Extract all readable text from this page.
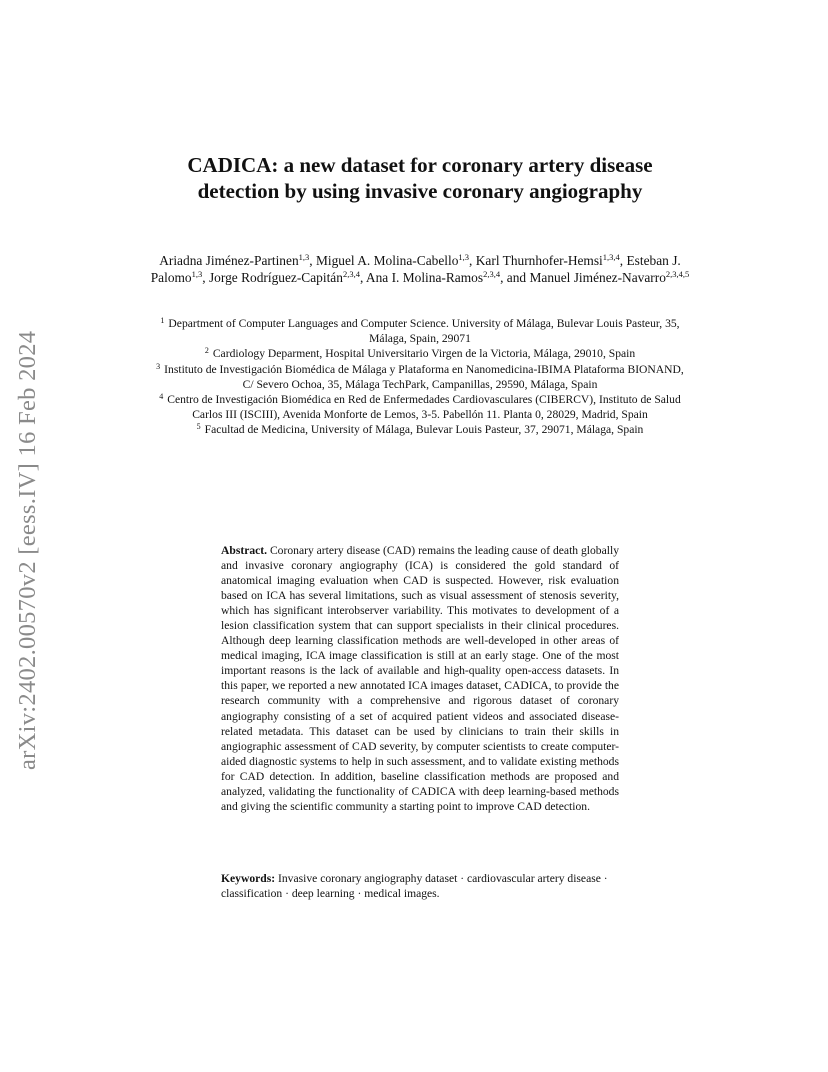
arXiv:2402.00570v2 [eess.IV] 16 Feb 2024
CADICA: a new dataset for coronary artery disease detection by using invasive coronary angiography
Ariadna Jiménez-Partinen$^{1,3}$, Miguel A. Molina-Cabello$^{1,3}$, Karl Thurnhofer-Hemsi$^{1,3,4}$, Esteban J. Palomo$^{1,3}$, Jorge Rodríguez-Capitán$^{2,3,4}$, Ana I. Molina-Ramos$^{2,3,4}$, and Manuel Jiménez-Navarro$^{2,3,4,5}$
$^1$ Department of Computer Languages and Computer Science. University of Málaga, Bulevar Louis Pasteur, 35, Málaga, Spain, 29071
$^2$ Cardiology Deparment, Hospital Universitario Virgen de la Victoria, Málaga, 29010, Spain
$^3$ Instituto de Investigación Biomédica de Málaga y Plataforma en Nanomedicina-IBIMA Plataforma BIONAND, C/ Severo Ochoa, 35, Málaga TechPark, Campanillas, 29590, Málaga, Spain
$^4$ Centro de Investigación Biomédica en Red de Enfermedades Cardiovasculares (CIBERCV), Instituto de Salud Carlos III (ISCIII), Avenida Monforte de Lemos, 3-5. Pabellón 11. Planta 0, 28029, Madrid, Spain
$^5$ Facultad de Medicina, University of Málaga, Bulevar Louis Pasteur, 37, 29071, Málaga, Spain
Abstract. Coronary artery disease (CAD) remains the leading cause of death globally and invasive coronary angiography (ICA) is considered the gold standard of anatomical imaging evaluation when CAD is suspected. However, risk evaluation based on ICA has several limitations, such as visual assessment of stenosis severity, which has significant interobserver variability. This motivates to development of a lesion classification system that can support specialists in their clinical procedures. Although deep learning classification methods are well-developed in other areas of medical imaging, ICA image classification is still at an early stage. One of the most important reasons is the lack of available and high-quality open-access datasets. In this paper, we reported a new annotated ICA images dataset, CADICA, to provide the research community with a comprehensive and rigorous dataset of coronary angiography consisting of a set of acquired patient videos and associated disease-related metadata. This dataset can be used by clinicians to train their skills in angiographic assessment of CAD severity, by computer scientists to create computer-aided diagnostic systems to help in such assessment, and to validate existing methods for CAD detection. In addition, baseline classification methods are proposed and analyzed, validating the functionality of CADICA with deep learning-based methods and giving the scientific community a starting point to improve CAD detection.
Keywords: Invasive coronary angiography dataset · cardiovascular artery disease · classification · deep learning · medical images.
